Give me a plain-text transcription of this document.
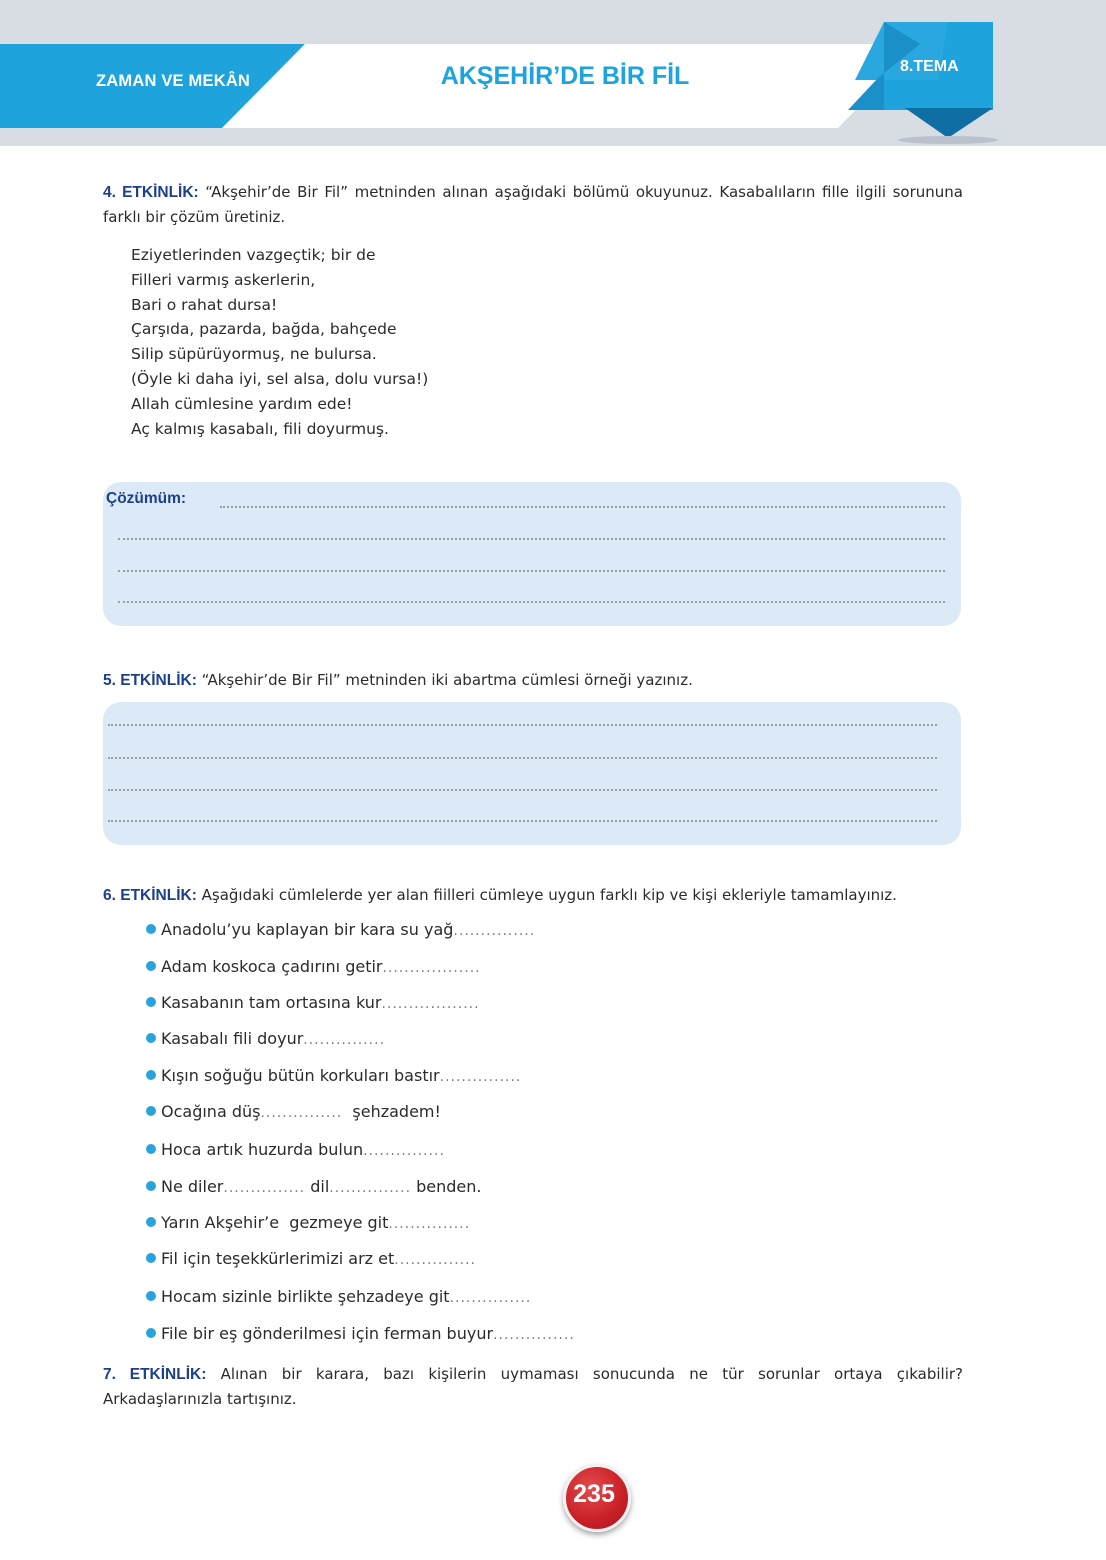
ZAMAN VE MEKÂN	AKŞEHİR’DE BİR FİL	8.TEMA
4. ETKİNLİK: “Akşehir’de Bir Fil” metninden alınan aşağıdaki bölümü okuyunuz. Kasabalıların fille ilgili sorununa farklı bir çözüm üretiniz.
Eziyetlerinden vazgeçtik; bir de
Filleri varmış askerlerin,
Bari o rahat dursa!
Çarşıda, pazarda, bağda, bahçede
Silip süpürüyormuş, ne bulursa.
(Öyle ki daha iyi, sel alsa, dolu vursa!)
Allah cümlesine yardım ede!
Aç kalmış kasabalı, fili doyurmuş.
Çözümüm:
5. ETKİNLİK: “Akşehir’de Bir Fil” metninden iki abartma cümlesi örneği yazınız.
6. ETKİNLİK: Aşağıdaki cümlelerde yer alan fiilleri cümleye uygun farklı kip ve kişi ekleriyle tamamlayınız.
Anadolu’yu kaplayan bir kara su yağ...............
Adam koskoca çadırını getir..................
Kasabanın tam ortasına kur..................
Kasabalı fili doyur...............
Kışın soğuğu bütün korkuları bastır...............
Ocağına düş...............  şehzadem!
Hoca artık huzurda bulun...............
Ne diler............... dil............... benden.
Yarın Akşehir’e  gezmeye git...............
Fil için teşekkürlerimizi arz et...............
Hocam sizinle birlikte şehzadeye git...............
File bir eş gönderilmesi için ferman buyur...............
7. ETKİNLİK: Alınan bir karara, bazı kişilerin uymaması sonucunda ne tür sorunlar ortaya çıkabilir? Arkadaşlarınızla tartışınız.
235
